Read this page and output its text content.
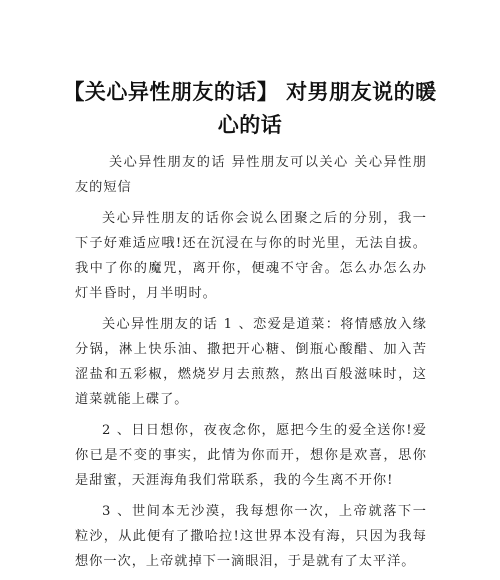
【关心异性朋友的话】 对男朋友说的暖心的话

关心异性朋友的话 异性朋友可以关心 关心异性朋友的短信

关心异性朋友的话你会说么团聚之后的分别，我一下子好难适应哦!还在沉浸在与你的时光里，无法自拔。我中了你的魔咒，离开你，便魂不守舍。怎么办怎么办灯半昏时，月半明时。

关心异性朋友的话 1 、恋爱是道菜：将情感放入缘分锅，淋上快乐油、撒把开心糖、倒瓶心酸醋、加入苦涩盐和五彩椒，燃烧岁月去煎熬，熬出百般滋味时，这道菜就能上碟了。

2 、日日想你，夜夜念你，愿把今生的爱全送你!爱你已是不变的事实，此情为你而开，想你是欢喜，思你是甜蜜，天涯海角我们常联系，我的今生离不开你!

3 、世间本无沙漠，我每想你一次，上帝就落下一粒沙，从此便有了撒哈拉!这世界本没有海，只因为我每想你一次，上帝就掉下一滴眼泪，于是就有了太平洋。
